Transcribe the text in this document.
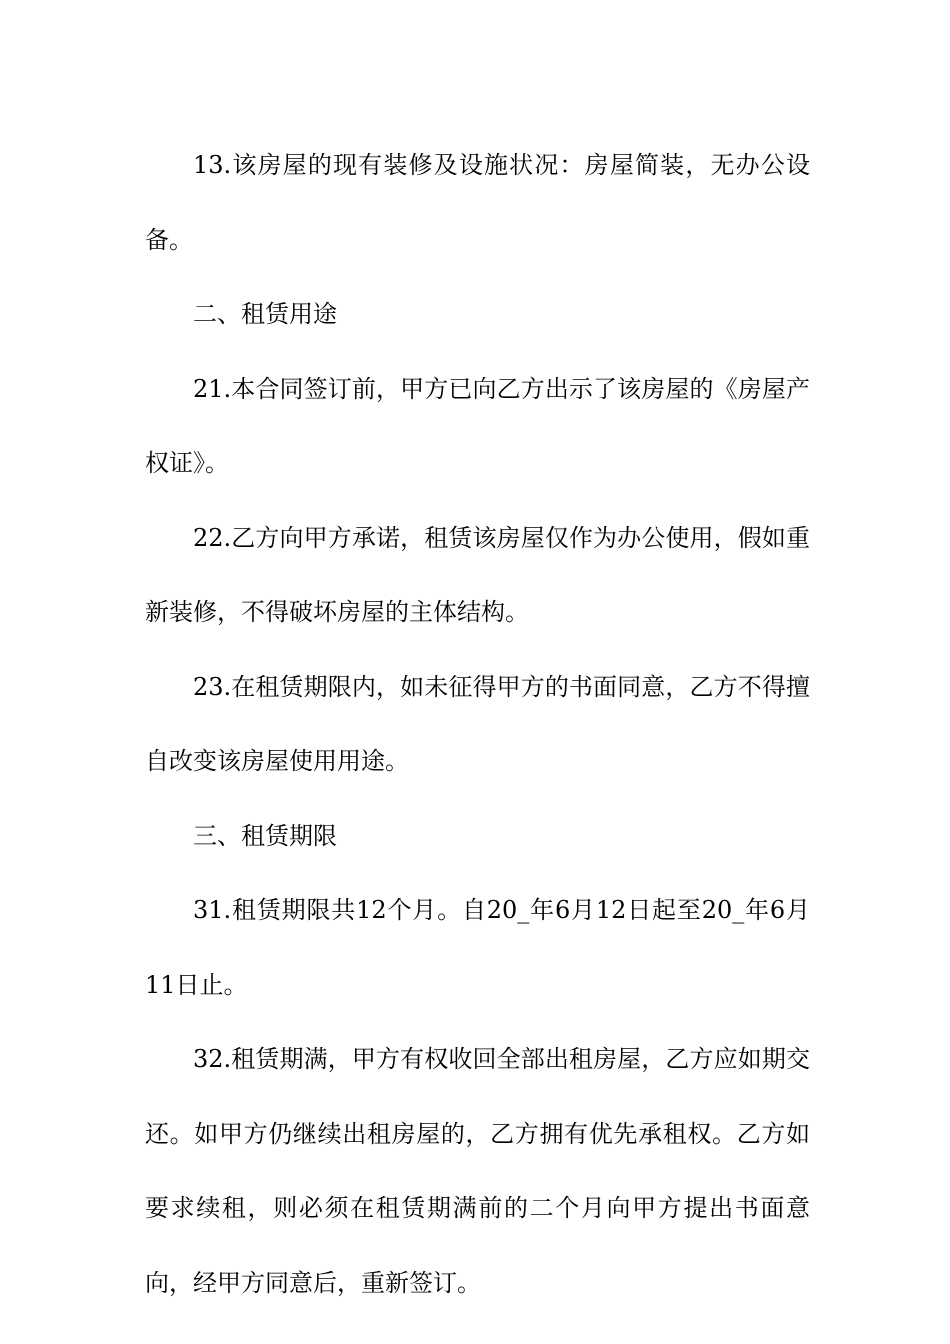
13.该房屋的现有装修及设施状况：房屋简装，无办公设备。

二、租赁用途

21.本合同签订前，甲方已向乙方出示了该房屋的《房屋产权证》。

22.乙方向甲方承诺，租赁该房屋仅作为办公使用，假如重新装修，不得破坏房屋的主体结构。

23.在租赁期限内，如未征得甲方的书面同意，乙方不得擅自改变该房屋使用用途。

三、租赁期限

31.租赁期限共12个月。自20_年6月12日起至20_年6月11日止。

32.租赁期满，甲方有权收回全部出租房屋，乙方应如期交还。如甲方仍继续出租房屋的，乙方拥有优先承租权。乙方如要求续租，则必须在租赁期满前的二个月向甲方提出书面意向，经甲方同意后，重新签订。
